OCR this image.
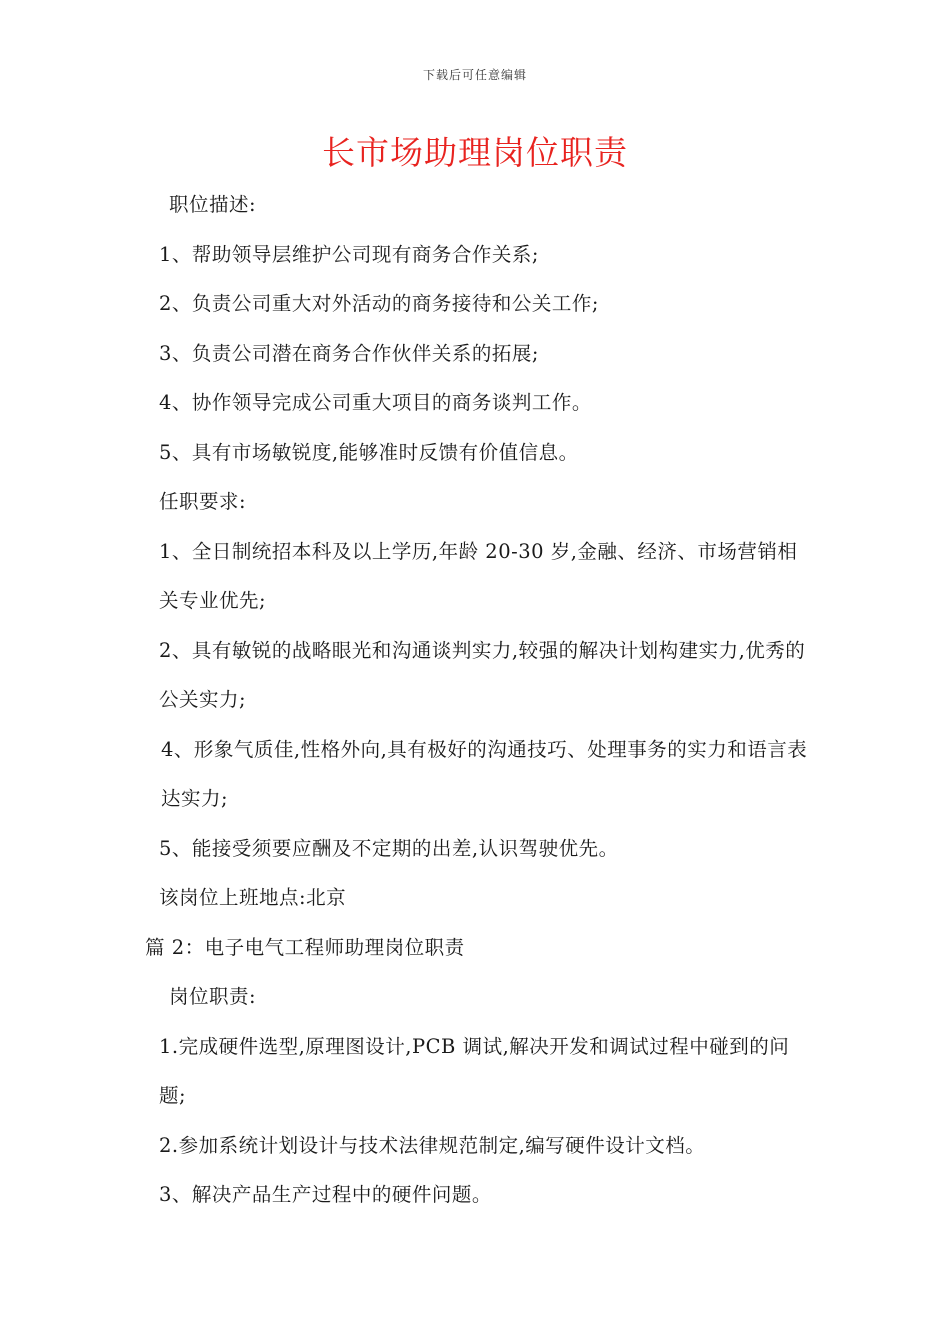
下载后可任意编辑
长市场助理岗位职责

职位描述:

1、帮助领导层维护公司现有商务合作关系;

2、负责公司重大对外活动的商务接待和公关工作;

3、负责公司潜在商务合作伙伴关系的拓展;

4、协作领导完成公司重大项目的商务谈判工作。

5、具有市场敏锐度,能够准时反馈有价值信息。

任职要求:

1、全日制统招本科及以上学历,年龄 20-30 岁,金融、经济、市场营销相关专业优先;

2、具有敏锐的战略眼光和沟通谈判实力,较强的解决计划构建实力,优秀的公关实力;

4、形象气质佳,性格外向,具有极好的沟通技巧、处理事务的实力和语言表达实力;

5、能接受须要应酬及不定期的出差,认识驾驶优先。

该岗位上班地点:北京

篇 2：电子电气工程师助理岗位职责

岗位职责:

1.完成硬件选型,原理图设计,PCB 调试,解决开发和调试过程中碰到的问题;

2.参加系统计划设计与技术法律规范制定,编写硬件设计文档。

3、解决产品生产过程中的硬件问题。
